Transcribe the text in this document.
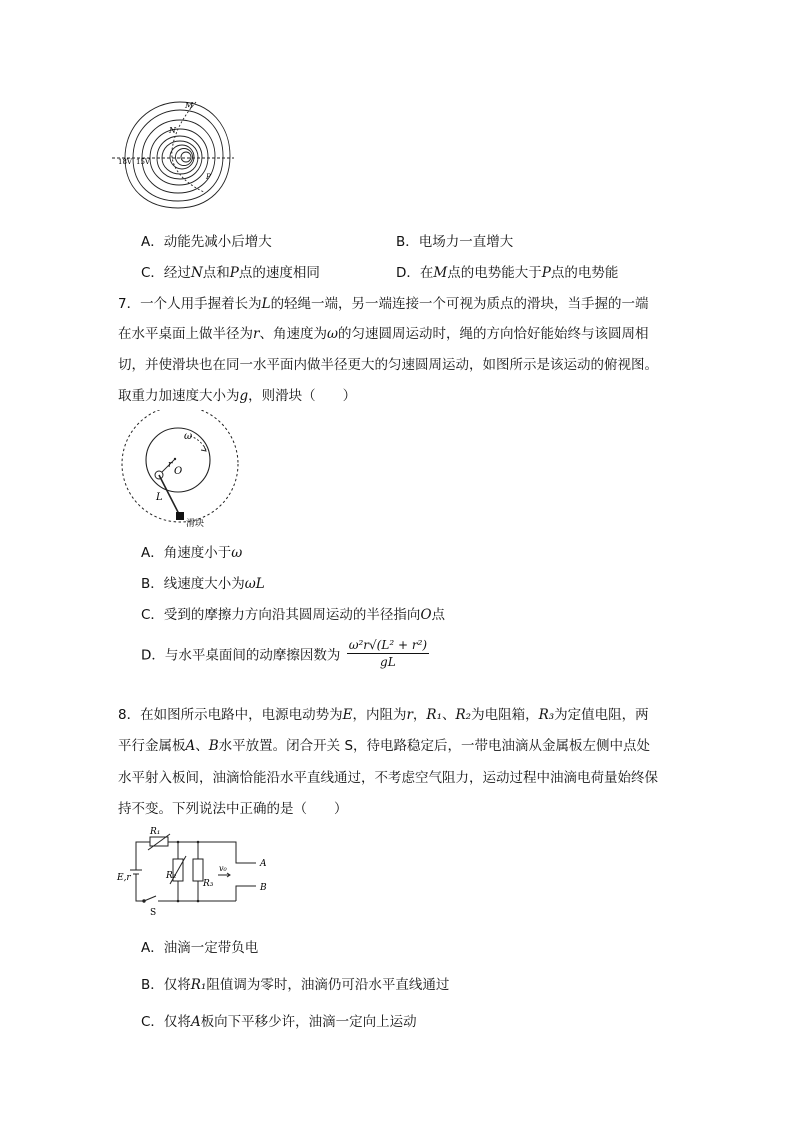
M
N
P
18V 15V
A．动能先减小后增大	B．电场力一直增大
C．经过N点和P点的速度相同	D．在M点的电势能大于P点的电势能
7．一个人用手握着长为L的轻绳一端，另一端连接一个可视为质点的滑块，当手握的一端
在水平桌面上做半径为r、角速度为ω的匀速圆周运动时，绳的方向恰好能始终与该圆周相
切，并使滑块也在同一水平面内做半径更大的匀速圆周运动，如图所示是该运动的俯视图。
取重力加速度大小为g，则滑块（　　）
ω
r
O
L
滑块
A．角速度小于ω
B．线速度大小为ωL
C．受到的摩擦力方向沿其圆周运动的半径指向O点
D．与水平桌面间的动摩擦因数为 $\frac{\text{ω²r√(L² + r²)}}{gL}$
8．在如图所示电路中，电源电动势为E，内阻为r，R₁、R₂为电阻箱，R₃为定值电阻，两
平行金属板A、B水平放置。闭合开关 S，待电路稳定后，一带电油滴从金属板左侧中点处
水平射入板间，油滴恰能沿水平直线通过，不考虑空气阻力，运动过程中油滴电荷量始终保
持不变。下列说法中正确的是（　　）
R₁
R₂
R₃
E,r
S
v₀	A
B
A．油滴一定带负电
B．仅将R₁阻值调为零时，油滴仍可沿水平直线通过
C．仅将A板向下平移少许，油滴一定向上运动
